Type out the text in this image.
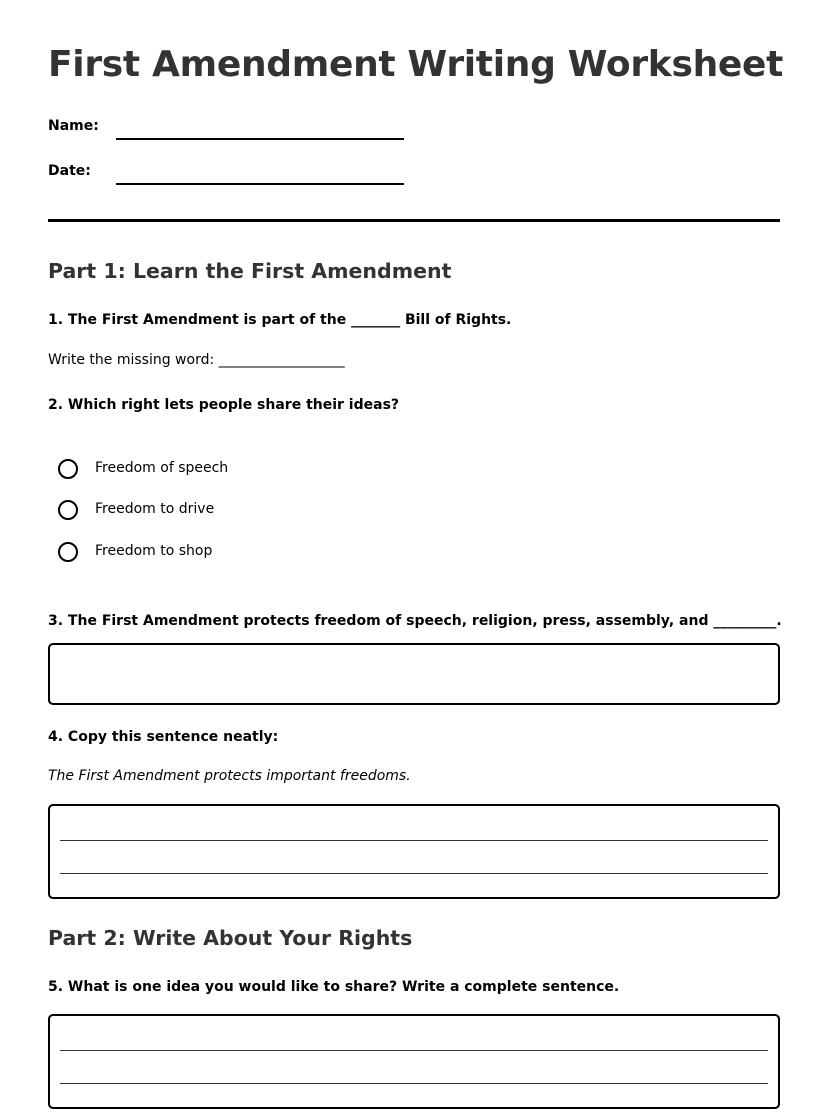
First Amendment Writing Worksheet
Name:
Date:
Part 1: Learn the First Amendment
1. The First Amendment is part of the _______ Bill of Rights.
Write the missing word: __________________
2. Which right lets people share their ideas?
Freedom of speech
Freedom to drive
Freedom to shop
3. The First Amendment protects freedom of speech, religion, press, assembly, and _________.
4. Copy this sentence neatly:
The First Amendment protects important freedoms.
Part 2: Write About Your Rights
5. What is one idea you would like to share? Write a complete sentence.
